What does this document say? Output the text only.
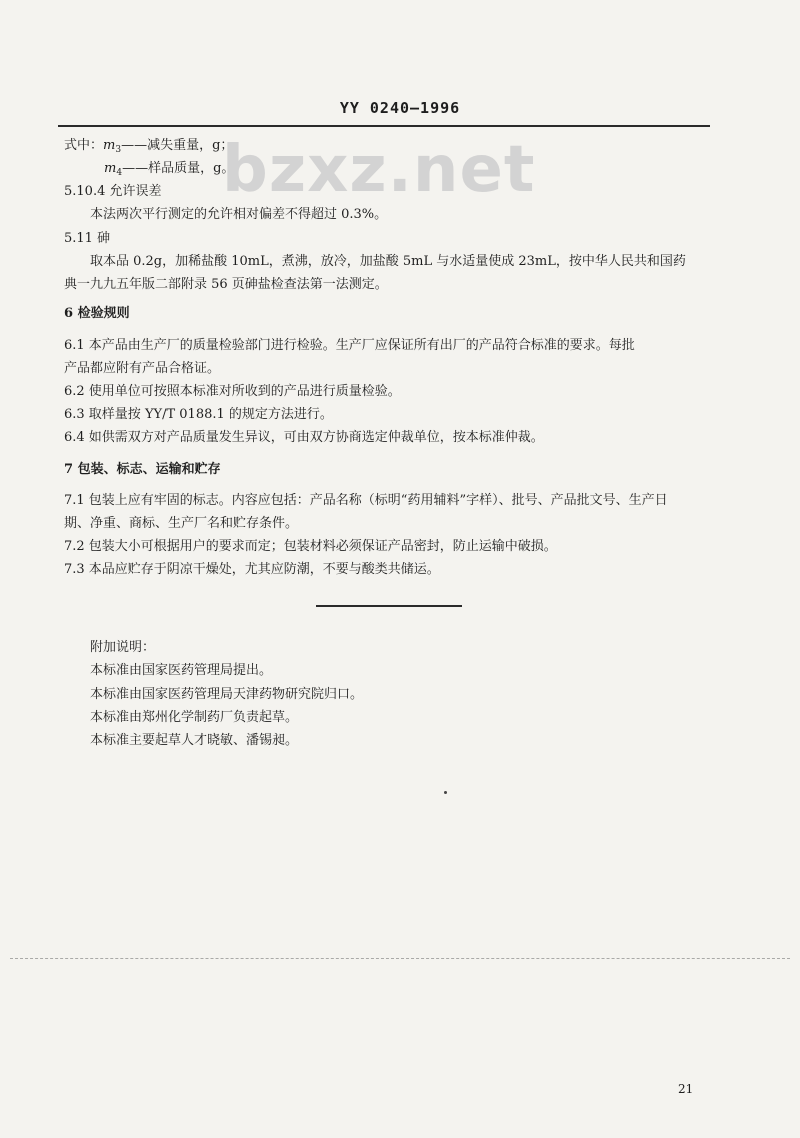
YY 0240—1996
bzxz.net
式中：$m_3——$减失重量，g；
$m_4——$样品质量，g。
5.10.4 允许误差
本法两次平行测定的允许相对偏差不得超过 0.3%。
5.11 砷
取本品 0.2g，加稀盐酸 10mL，煮沸，放冷，加盐酸 5mL 与水适量使成 23mL，按中华人民共和国药
典一九九五年版二部附录 56 页砷盐检查法第一法测定。
6 检验规则
6.1 本产品由生产厂的质量检验部门进行检验。生产厂应保证所有出厂的产品符合标准的要求。每批
产品都应附有产品合格证。
6.2 使用单位可按照本标准对所收到的产品进行质量检验。
6.3 取样量按 YY/T 0188.1 的规定方法进行。
6.4 如供需双方对产品质量发生异议，可由双方协商选定仲裁单位，按本标准仲裁。
7 包装、标志、运输和贮存
7.1 包装上应有牢固的标志。内容应包括：产品名称（标明“药用辅料”字样）、批号、产品批文号、生产日
期、净重、商标、生产厂名和贮存条件。
7.2 包装大小可根据用户的要求而定；包装材料必须保证产品密封，防止运输中破损。
7.3 本品应贮存于阴凉干燥处，尤其应防潮，不要与酸类共储运。
附加说明：
本标准由国家医药管理局提出。
本标准由国家医药管理局天津药物研究院归口。
本标准由郑州化学制药厂负责起草。
本标准主要起草人才晓敏、潘锡昶。
21
